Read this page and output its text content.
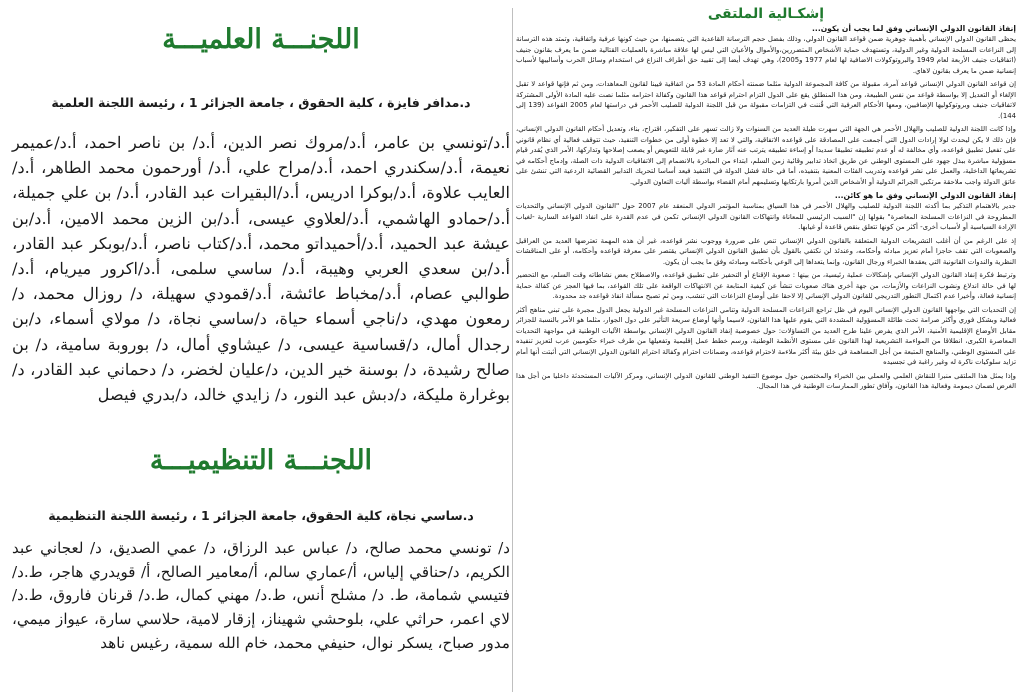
اللجنـــة العلميـــة

د.مدافر فايزة ، كلية الحقوق ، جامعة الجزائر 1 ، رئيسة اللجنة العلمية

أ.د/تونسي بن عامر، أ.د/مروك نصر الدين، أ.د/ بن ناصر احمد، أ.د/عميمر نعيمة، أ.د/سكندري احمد، أ.د/مراح علي، أ.د/ أورحمون محمد الطاهر، أ.د/العايب علاوة، أ.د/بوكرا ادريس، أ.د/البقيرات عبد القادر، أ.د/ بن علي جميلة، أ.د/حمادو الهاشمي، أ.د/لعلاوي عيسى، أ.د/بن الزين محمد الامين، أ.د/بن عيشة عبد الحميد، أ.د/أحميداتو محمد، أ.د/كتاب ناصر، أ.د/بوبكر عبد القادر، أ.د/بن سعدي العربي وهيبة، أ.د/ ساسي سلمى، أ.د/اكرور ميريام، أ.د/طوالبي عصام، أ.د/مخباط عائشة، أ.د/قمودي سهيلة، د/ روزال محمد، د/ رمعون مهدي، د/ناجي أسماء حياة، د/ساسي نجاة، د/ مولاي أسماء، د/بن رجدال أمال، د/قساسية عيسى، د/ عيشاوي أمال، د/ بوروبة سامية، د/ بن صالح رشيدة، د/ بوسنة خير الدين، د/عليان لخضر، د/ دحماني عبد القادر، د/بوغرارة مليكة، د/دبش عبد النور، د/ زايدي خالد، د/بدري فيصل

اللجنـــة التنظيميـــة

د.ساسي نجاة، كلية الحقوق، جامعة الجزائر 1 ، رئيسة اللجنة التنظيمية

د/ تونسي محمد صالح، د/ عباس عبد الرزاق، د/ عمي الصديق، د/ لعجاني عبد الكريم، د/حناقي إلياس، أ/عماري سالم، أ/معامير الصالح، أ/ قويدري هاجر، ط.د/ فتيسي شمامة، ط. د/ مشلح أنس، ط.د/ مهني كمال، ط.د/ قرنان فاروق، ط.د/ لاي اعمر، حراثي علي، بلوحشي شهيناز، إزقار لامية، حلاسي سارة، عيواز ميمي، مدور صباح، يسكر نوال، حنيفي محمد، خام الله سمية، رغيس ناهد

إشكـالية الملتقى

إنفاذ القانون الدولي الإنساني وفق لما يجب أن يكون...

يحظى القانون الدولي الإنساني بأهمية جوهرية ضمن قواعد القانون الدولي، وذلك بفضل حجم الترسانة القاعدية التي يتضمنها، من حيث كونها عرفية واتفاقية، وتمتد هذه الترسانة إلى النزاعات المسلحة الدولية وغير الدولية، وتستهدف حماية الأشخاص المتضررين،والأموال والأعيان التي ليس لها علاقة مباشرة بالعمليات القتالية ضمن ما يعرف بقانون جنيف (اتفاقيات جنيف الأربعة لعام 1949 والبروتوكولات الاضافية لها لعام 1977 و2005)، وهي تهدف أيضا إلى تقييد حق أطراف النزاع في استخدام وسائل الحرب وأساليبها لأسباب إنسانية ضمن ما يعرف بقانون لاهاي.

إن قواعد القانون الدولي الإنساني قواعد آمرة، مقبولة من كافة المجموعة الدولية مثلما ضمنته أحكام المادة 53 من اتفاقية فيينا لقانون المعاهدات، ومن ثم فإنها قواعد لا تقبل الإلغاء أو التعديل إلا بواسطة قواعد من نفس الطبيعة، ومن هذا المنطلق يقع على الدول التزام احترام قواعد هذا القانون وكفالة احترامه مثلما نصت عليه المادة الأولى المشتركة لاتفاقيات جنيف وبروتوكوليها الإضافيين، ومعها الأحكام العرفية التي قُننت في التزامات مقبولة من قبل اللجنة الدولية للصليب الأحمر في دراستها لعام 2005 القواعد (139 إلى 144).

وإذا كانت اللجنة الدولية للصليب والهلال الأحمر هي الجهة التي سهرت طيلة العديد من السنوات ولا زالت تسهر على التفكير، اقتراح، بناء، وتعديل أحكام القانون الدولي الإنساني، فإن ذلك لا يكن ليحدث لولا إرادات الدول التي أجمعت على المصادقة على قواعده الاتفاقية، والتي لا تعد إلا خطوة أولى من خطوات التنفيذ، حيث تتوقف فعالية أي نظام قانوني على تفعيل تطبيق قواعده، وأي مخالفة له أو عدم تطبيقه تطبيقا سديدا أو إساءة تطبيقه يترتب عنه آثار ضارة غير قابلة للتعويض أو يصعب إصلاحها وتداركها، الأمر الذي يُقدر قيام مسؤولية مباشرة ببذل جهود على المستوى الوطني عن طريق اتخاذ تدابير وقائية زمن السلم، ابتداء من المبادرة بالانضمام إلى الاتفاقيات الدولية ذات الصلة، وإدماج أحكامه في تشريعاتها الداخلية، والعمل على نشر قواعده وتدريب الفئات المعنية بتنفيذه، أما في حالة فشل الدولة في التنفيذ فيعد أساسا لتحريك التدابير القضائية الردعية التي تنشئ على عاتق الدولة واجب ملاحقة مرتكبي الجرائم الدولية أو الأشخاص الذين أمروا بارتكابها وتسليمهم أمام القضاء بواسطة آليات التعاون الدولي.

إنفاذ القانون الدولي الإنساني وفق ما هو كائن...

جدير بالاهتمام التذكير بما أكدته اللجنة الدولية للصليب والهلال الأحمر في هذا السياق بمناسبة المؤتمر الدولي المنعقد عام 2007 حول "القانون الدولي الإنساني والتحديات المطروحة في النزاعات المسلحة المعاصرة" بقولها إن "السبب الرئيسي للمعاناة وانتهاكات القانون الدولي الإنساني تكمن في عدم القدرة على انفاذ القواعد السارية -لغياب الإرادة السياسية أو لأسباب أخرى- أكثر من كونها تتعلق بنقص قاعدة أو غيابها.

إذ على الرغم من أن أغلب التشريعات الدولية المتعلقة بالقانون الدولي الإنساني تنص على ضرورة ووجوب نشر قواعده، غير أن هذه المهمة تعترضها العديد من العراقيل والصعوبات التي تقف حاجزا أمام تعزيز مبادئه وأحكامه، وعندئذ لن نكتفي بالقول بأن تطبيق القانون الدولي الإنساني يقتصر على معرفة قواعده وأحكامه، أو على المناقشات النظرية والندوات القانونية التي يعقدها الخبراء ورجال القانون، وإنما يتعداها إلى الوعي بأحكامه ومبادئه وفق ما يجب أن يكون.

وترتبط فكرة إنفاذ القانون الدولي الإنساني بإشكالات عملية رئيسية، من بينها : صعوبة الإقناع أو التحفيز على تطبيق قواعده، والاصطلاح بعض نشاطاته وقت السلم، مع التحضير لها في حالة اندلاع ونشوب النزاعات والأزمات، من جهة أخرى هناك صعوبات تنشأ عن كيفية المتابعة عن الانتهاكات الواقعة على تلك القواعد، بما فيها العجز عن كفالة حماية إنسانية فعالة، وأخيرا عدم اكتمال التطور التدريجي للقانون الدولي الإنساني إلا لاحقا على أوضاع النزاعات التي تنشب، ومن ثم تصبح مسألة انفاذ قواعده جد محدودة.

إن التحديات التي يواجهها القانون الدولي الإنساني اليوم في ظل تراجع النزاعات المسلحة الدولية وتنامي النزاعات المسلحة غير الدولية يجعل الدول مجبرة على تبني مناهج أكثر فعالية وبشكل فوري وأكثر صرامة تحت طائلة المسؤولية المشددة التي يقوم عليها هذا القانون، لاسيما وأنها أوضاع سريعة التأثير على دول الجوار، مثلما هو الأمر بالنسبة للجزائر مقابل الأوضاع الإقليمية الأمنية، الأمر الذي يفرض علينا طرح العديد من التساؤلات: حول خصوصية إنفاذ القانون الدولي الإنساني بواسطة الآليات الوطنية في مواجهة التحديات المعاصرة الكبرى، انطلاقا من المواءمة التشريعية لهذا القانون على مستوى الأنظمة الوطنية، ورسم خطط عمل إقليمية وتفعيلها من طرف خبراء حكوميين عرب لتعزيز تنفيذه على المستوى الوطني، والمناهج المتبعة من أجل المساهمة في خلق بيئة أكثر ملاءمة لاحترام قواعده، وضمانات احترام وكفالة احترام القانون الدولي الإنساني التي أثبتت أنها أمام تزايد سلوكيات ناكرة له وغير راغبة في تجسيده

وإذا يمثل هذا الملتقى منبرا للنقاش العلمي والعملي بين الخبراء والمختصين حول موضوع التنفيذ الوطني للقانون الدولي الإنساني، ومركز الآليات المستحدثة داخليا من أجل هذا الغرض لضمان ديمومة وفعالية هذا القانون، وآفاق تطور الممارسات الوطنية في هذا المجال.
